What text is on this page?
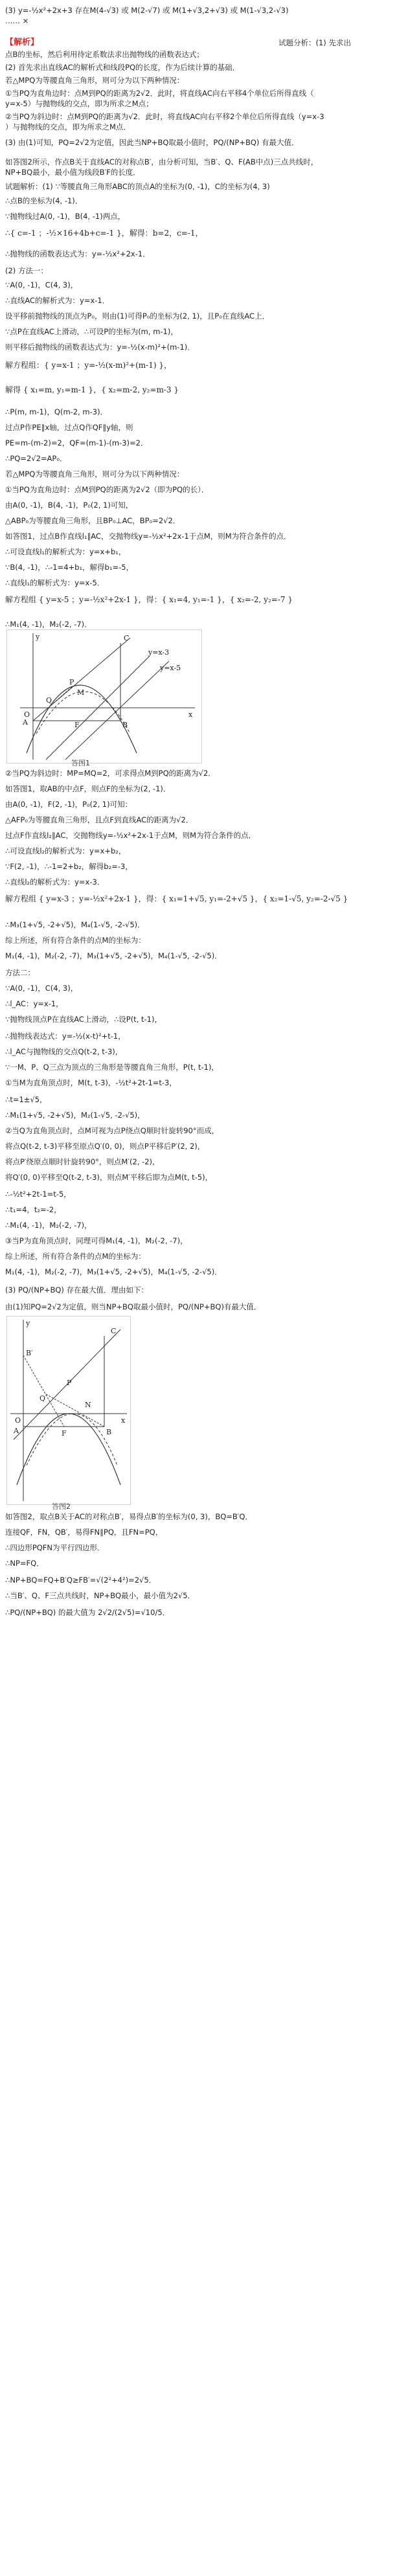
(3) y=-½x²+2x+3 存在M(4-√3) 或 M(2-√7) 或 M(1+√3,2+√3) 或 M(1-√3,2-√3)
…… ×
【解析】	试题分析：(1) 先求出
点B的坐标，然后利用待定系数法求出抛物线的函数表达式；
(2) 首先求出直线AC的解析式和线段PQ的长度，作为后续计算的基础．
若△MPQ为等腰直角三角形，则可分为以下两种情况：
①当PQ为直角边时：点M到PQ的距离为2√2．此时，将直线AC向右平移4个单位后所得直线（
y=x-5）与抛物线的交点，即为所求之M点；
②当PQ为斜边时：点M到PQ的距离为√2．此时，将直线AC向右平移2个单位后所得直线（y=x-3
）与抛物线的交点，即为所求之M点．
(3) 由(1)可知，PQ=2√2为定值，因此当NP+BQ取最小值时，PQ/(NP+BQ) 有最大值．
如答图2所示，作点B关于直线AC的对称点B′，由分析可知，当B′、Q、F(AB中点)三点共线时，
NP+BQ最小，最小值为线段B′F的长度．
试题解析：(1) ∵等腰直角三角形ABC的顶点A的坐标为(0, -1)，C的坐标为(4, 3)
∴点B的坐标为(4, -1)．
∵抛物线过A(0, -1)，B(4, -1)两点，
∴{ c=-1 ；-½×16+4b+c=-1 }，解得：b=2，c=-1，
∴抛物线的函数表达式为：y=-½x²+2x-1．
(2) 方法一：
∵A(0, -1)，C(4, 3)，
∴直线AC的解析式为：y=x-1．
设平移前抛物线的顶点为P₀，则由(1)可得P₀的坐标为(2, 1)，且P₀在直线AC上．
∵点P在直线AC上滑动，∴可设P的坐标为(m, m-1)，
则平移后抛物线的函数表达式为：y=-½(x-m)²+(m-1)．
解方程组：{ y=x-1 ；y=-½(x-m)²+(m-1) }，
解得 { x₁=m, y₁=m-1 }，{ x₂=m-2, y₂=m-3 }
∴P(m, m-1)，Q(m-2, m-3)．
过点P作PE∥x轴，过点Q作QF∥y轴，则
PE=m-(m-2)=2，QF=(m-1)-(m-3)=2．
∴PQ=2√2=AP₀．
若△MPQ为等腰直角三角形，则可分为以下两种情况：
①当PQ为直角边时：点M到PQ的距离为2√2（即为PQ的长）．
由A(0, -1)，B(4, -1)，P₀(2, 1)可知，
△ABP₀为等腰直角三角形，且BP₀⊥AC，BP₀=2√2．
如答图1，过点B作直线l₁∥AC，交抛物线y=-½x²+2x-1于点M，则M为符合条件的点．
∴可设直线l₁的解析式为：y=x+b₁，
∵B(4, -1)，∴-1=4+b₁，解得b₁=-5，
∴直线l₁的解析式为：y=x-5．
解方程组 { y=x-5 ；y=-½x²+2x-1 }，得：{ x₁=4, y₁=-1 }，{ x₂=-2, y₂=-7 }
∴M₁(4, -1)，M₂(-2, -7)．
②当PQ为斜边时：MP=MQ=2，可求得点M到PQ的距离为√2．
如答图1，取AB的中点F，则点F的坐标为(2, -1)．
由A(0, -1)，F(2, -1)，P₀(2, 1)可知：
△AFP₀为等腰直角三角形，且点F到直线AC的距离为√2．
过点F作直线l₂∥AC，交抛物线y=-½x²+2x-1于点M，则M为符合条件的点．
∴可设直线l₂的解析式为：y=x+b₂，
∵F(2, -1)，∴-1=2+b₂，解得b₂=-3，
∴直线l₂的解析式为：y=x-3．
解方程组 { y=x-3 ；y=-½x²+2x-1 }，得：{ x₁=1+√5, y₁=-2+√5 }，{ x₂=1-√5, y₂=-2-√5 }
∴M₃(1+√5, -2+√5)，M₄(1-√5, -2-√5)．
综上所述，所有符合条件的点M的坐标为：
M₁(4, -1)，M₂(-2, -7)，M₃(1+√5, -2+√5)，M₄(1-√5, -2-√5)．
方法二：
∵A(0, -1)，C(4, 3)，
∴l_AC：y=x-1，
∵抛物线顶点P在直线AC上滑动，∴设P(t, t-1)，
∴抛物线表达式：y=-½(x-t)²+t-1，
∴l_AC与抛物线的交点Q(t-2, t-3)，
∵一M、P、Q三点为顶点的三角形是等腰直角三角形，P(t, t-1)，
①当M为直角顶点时，M(t, t-3)，-½t²+2t-1=t-3，
∴t=1±√5，
∴M₁(1+√5, -2+√5)，M₂(1-√5, -2-√5)，
②当Q为直角顶点时，点M可视为点P绕点Q顺时针旋转90°而成，
将点Q(t-2, t-3)平移至原点Q′(0, 0)，则点P平移后P′(2, 2)，
将点P′绕原点顺时针旋转90°，则点M′(2, -2)，
将Q′(0, 0)平移至Q(t-2, t-3)，则点M′平移后即为点M(t, t-5)，
∴-½t²+2t-1=t-5，
∴t₁=4，t₂=-2，
∴M₁(4, -1)，M₂(-2, -7)，
③当P为直角顶点时，同理可得M₁(4, -1)，M₂(-2, -7)，
综上所述，所有符合条件的点M的坐标为：
M₁(4, -1)，M₂(-2, -7)，M₃(1+√5, -2+√5)，M₄(1-√5, -2-√5)．
(3) PQ/(NP+BQ) 存在最大值．理由如下：
由(1)知PQ=2√2为定值，则当NP+BQ取最小值时，PQ/(NP+BQ)有最大值．
如答图2，取点B关于AC的对称点B′，易得点B′的坐标为(0, 3)，BQ=B′Q．
连接QF，FN，QB′，易得FN∥PQ，且FN=PQ，
∴四边形PQFN为平行四边形．
∴NP=FQ．
∴NP+BQ=FQ+B′Q≥FB′=√(2²+4²)=2√5．
∴当B′、Q、F三点共线时，NP+BQ最小，最小值为2√5．
∴PQ/(NP+BQ) 的最大值为 2√2/(2√5)=√10/5．
x
y
O
A	B
C
F
P
Q
M
y=x-3
y=x-5
答图1
x
y
O
A	B
B′
C
F
N
P
Q
答图2
